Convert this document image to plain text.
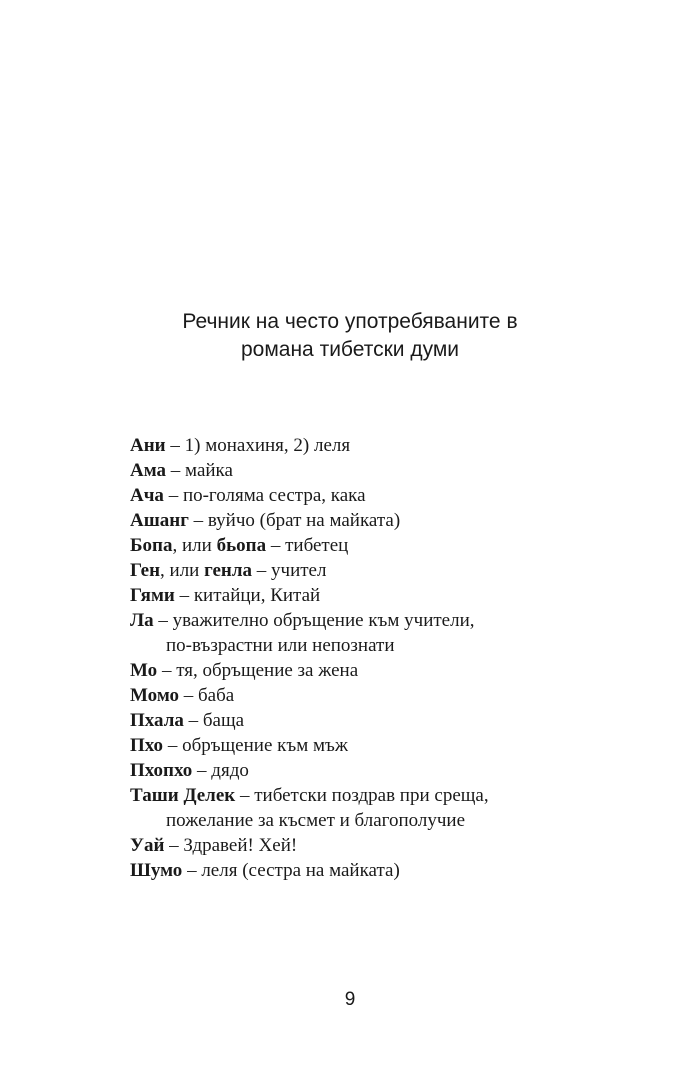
Речник на често употребяваните в
романа тибетски думи
Ани – 1) монахиня, 2) леля
Ама – майка
Ача – по-голяма сестра, кака
Ашанг – вуйчо (брат на майката)
Бопа, или бьопа – тибетец
Ген, или генла – учител
Гями – китайци, Китай
Ла – уважително обръщение към учители,
по-възрастни или непознати
Мо – тя, обръщение за жена
Момо – баба
Пхала – баща
Пхо – обръщение към мъж
Пхопхо – дядо
Таши Делек – тибетски поздрав при среща,
пожелание за късмет и благополучие
Уай – Здравей! Хей!
Шумо – леля (сестра на майката)
9
